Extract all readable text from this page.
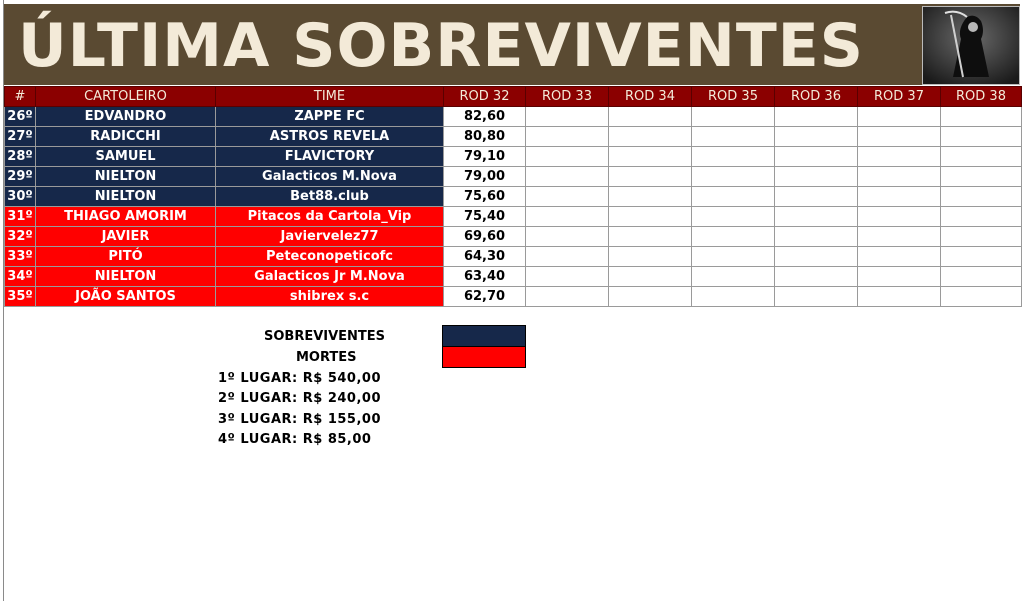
ÚLTIMA SOBREVIVENTES
#	CARTOLEIRO	TIME	ROD 32	ROD 33	ROD 34	ROD 35	ROD 36	ROD 37	ROD 38
26º	EDVANDRO	ZAPPE FC	82,60						
27º	RADICCHI	ASTROS REVELA	80,80						
28º	SAMUEL	FLAVICTORY	79,10						
29º	NIELTON	Galacticos M.Nova	79,00						
30º	NIELTON	Bet88.club	75,60						
31º	THIAGO AMORIM	Pitacos da Cartola_Vip	75,40						
32º	JAVIER	Javiervelez77	69,60						
33º	PITÓ	Peteconopeticofc	64,30						
34º	NIELTON	Galacticos Jr M.Nova	63,40						
35º	JOÃO SANTOS	shibrex s.c	62,70						
SOBREVIVENTES
MORTES
1º LUGAR: R$ 540,00
2º LUGAR: R$ 240,00
3º LUGAR: R$ 155,00
4º LUGAR: R$ 85,00
